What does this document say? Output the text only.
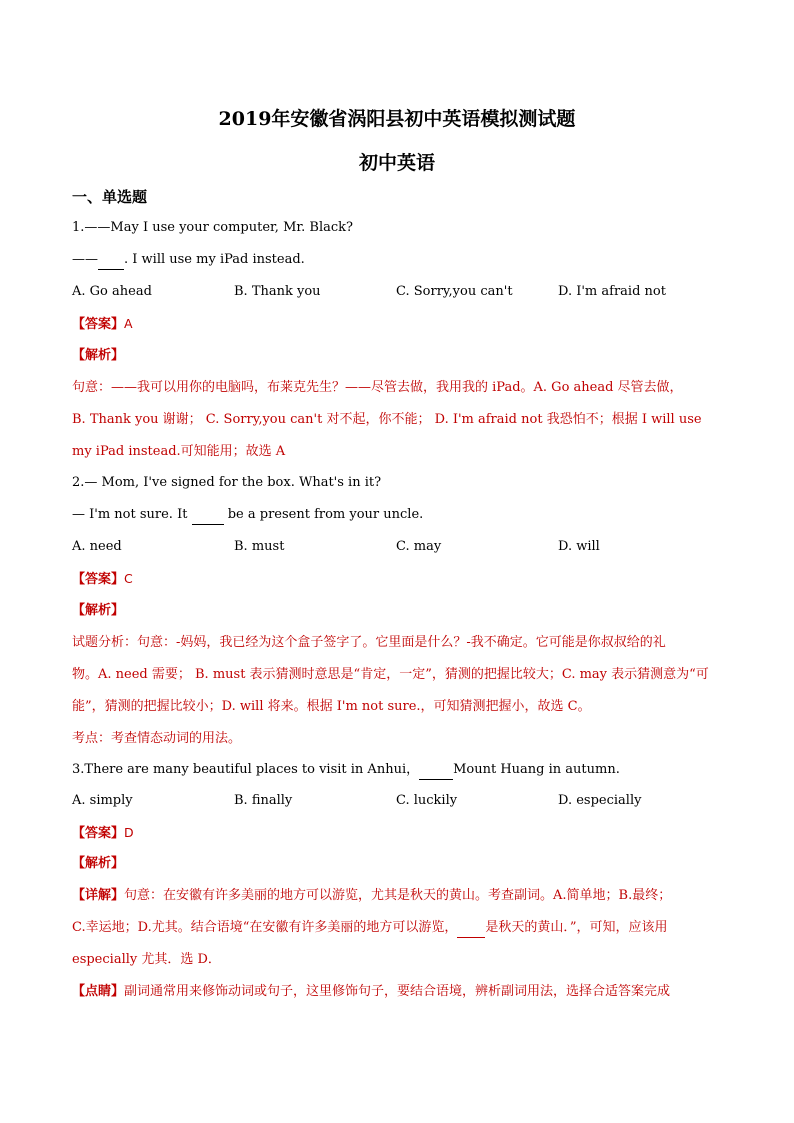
2019年安徽省涡阳县初中英语模拟测试题
初中英语
一、单选题
1.——May I use your computer, Mr. Black?
—— . I will use my iPad instead.
A. Go ahead	B. Thank you	C. Sorry,you can't	D. I'm afraid not
【答案】A
【解析】
句意：——我可以用你的电脑吗，布莱克先生？——尽管去做，我用我的 iPad。A. Go ahead 尽管去做，
B. Thank you 谢谢； C. Sorry,you can't 对不起，你不能； D. I'm afraid not 我恐怕不；根据 I will use
my iPad instead.可知能用；故选 A
2.— Mom, I've signed for the box. What's in it?
— I'm not sure. It   be a present from your uncle.
A. need	B. must	C. may	D. will
【答案】C
【解析】
试题分析：句意：-妈妈，我已经为这个盒子签字了。它里面是什么？-我不确定。它可能是你叔叔给的礼
物。A. need 需要； B. must 表示猜测时意思是“肯定，一定”，猜测的把握比较大；C. may 表示猜测意为“可
能”，猜测的把握比较小；D. will 将来。根据 I'm not sure.，可知猜测把握小，故选 C。
考点：考查情态动词的用法。
3.There are many beautiful places to visit in Anhui，	Mount Huang in autumn.
A. simply	B. finally	C. luckily	D. especially
【答案】D
【解析】
【详解】句意：在安徽有许多美丽的地方可以游览，尤其是秋天的黄山。考查副词。A.简单地；B.最终；
C.幸运地；D.尤其。结合语境“在安徽有许多美丽的地方可以游览， 是秋天的黄山．”，可知，应该用
especially 尤其．选 D．
【点睛】副词通常用来修饰动词或句子，这里修饰句子，要结合语境，辨析副词用法，选择合适答案完成
